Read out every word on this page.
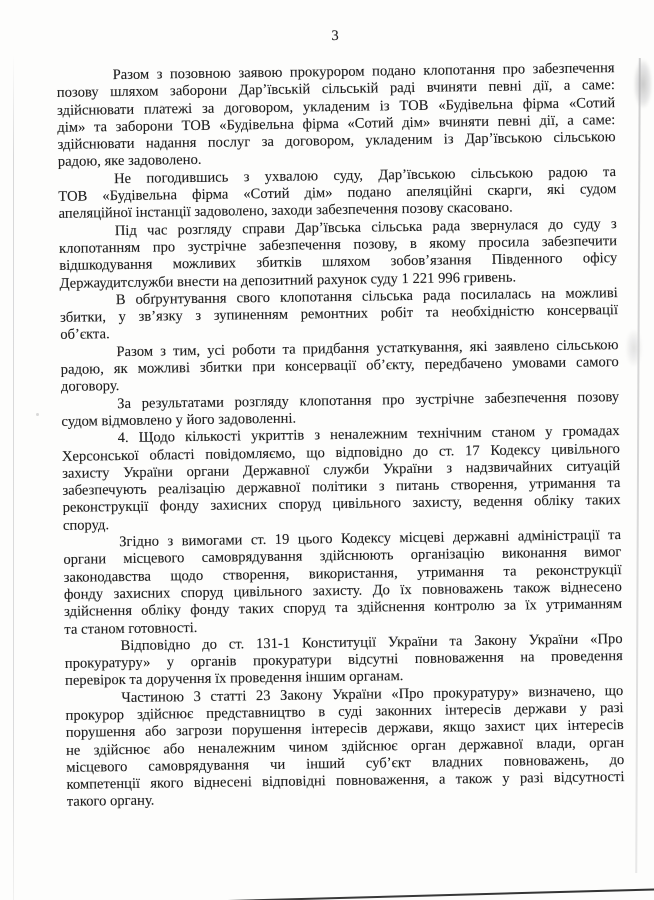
3
Разом з позовною заявою прокурором подано клопотання про забезпечення
позову шляхом заборони Дар’ївській сільській раді вчиняти певні дії, а саме:
здійснювати платежі за договором, укладеним із ТОВ «Будівельна фірма «Сотий
дім» та заборони ТОВ «Будівельна фірма «Сотий дім» вчиняти певні дії, а саме:
здійснювати надання послуг за договором, укладеним із Дар’ївською сільською
радою, яке задоволено.
Не погодившись з ухвалою суду, Дар’ївською сільською радою та
ТОВ «Будівельна фірма «Сотий дім» подано апеляційні скарги, які судом
апеляційної інстанції задоволено, заходи забезпечення позову скасовано.
Під час розгляду справи Дар’ївська сільська рада звернулася до суду з
клопотанням про зустрічне забезпечення позову, в якому просила забезпечити
відшкодування можливих збитків шляхом зобов’язання Південного офісу
Держаудитслужби внести на депозитний рахунок суду 1 221 996 гривень.
В обґрунтування свого клопотання сільська рада посилалась на можливі
збитки, у зв’язку з зупиненням ремонтних робіт та необхідністю консервації
об’єкта.
Разом з тим, усі роботи та придбання устаткування, які заявлено сільською
радою, як можливі збитки при консервації об’єкту, передбачено умовами самого
договору.
За результатами розгляду клопотання про зустрічне забезпечення позову
судом відмовлено у його задоволенні.
4. Щодо кількості укриттів з неналежним технічним станом у громадах
Херсонської області повідомляємо, що відповідно до ст. 17 Кодексу цивільного
захисту України органи Державної служби України з надзвичайних ситуацій
забезпечують реалізацію державної політики з питань створення, утримання та
реконструкції фонду захисних споруд цивільного захисту, ведення обліку таких
споруд.
Згідно з вимогами ст. 19 цього Кодексу місцеві державні адміністрації та
органи місцевого самоврядування здійснюють організацію виконання вимог
законодавства щодо створення, використання, утримання та реконструкції
фонду захисних споруд цивільного захисту. До їх повноважень також віднесено
здійснення обліку фонду таких споруд та здійснення контролю за їх утриманням
та станом готовності.
Відповідно до ст. 131-1 Конституції України та Закону України «Про
прокуратуру» у органів прокуратури відсутні повноваження на проведення
перевірок та доручення їх проведення іншим органам.
Частиною 3 статті 23 Закону України «Про прокуратуру» визначено, що
прокурор здійснює представництво в суді законних інтересів держави у разі
порушення або загрози порушення інтересів держави, якщо захист цих інтересів
не здійснює або неналежним чином здійснює орган державної влади, орган
місцевого самоврядування чи інший суб’єкт владних повноважень, до
компетенції якого віднесені відповідні повноваження, а також у разі відсутності
такого органу.
